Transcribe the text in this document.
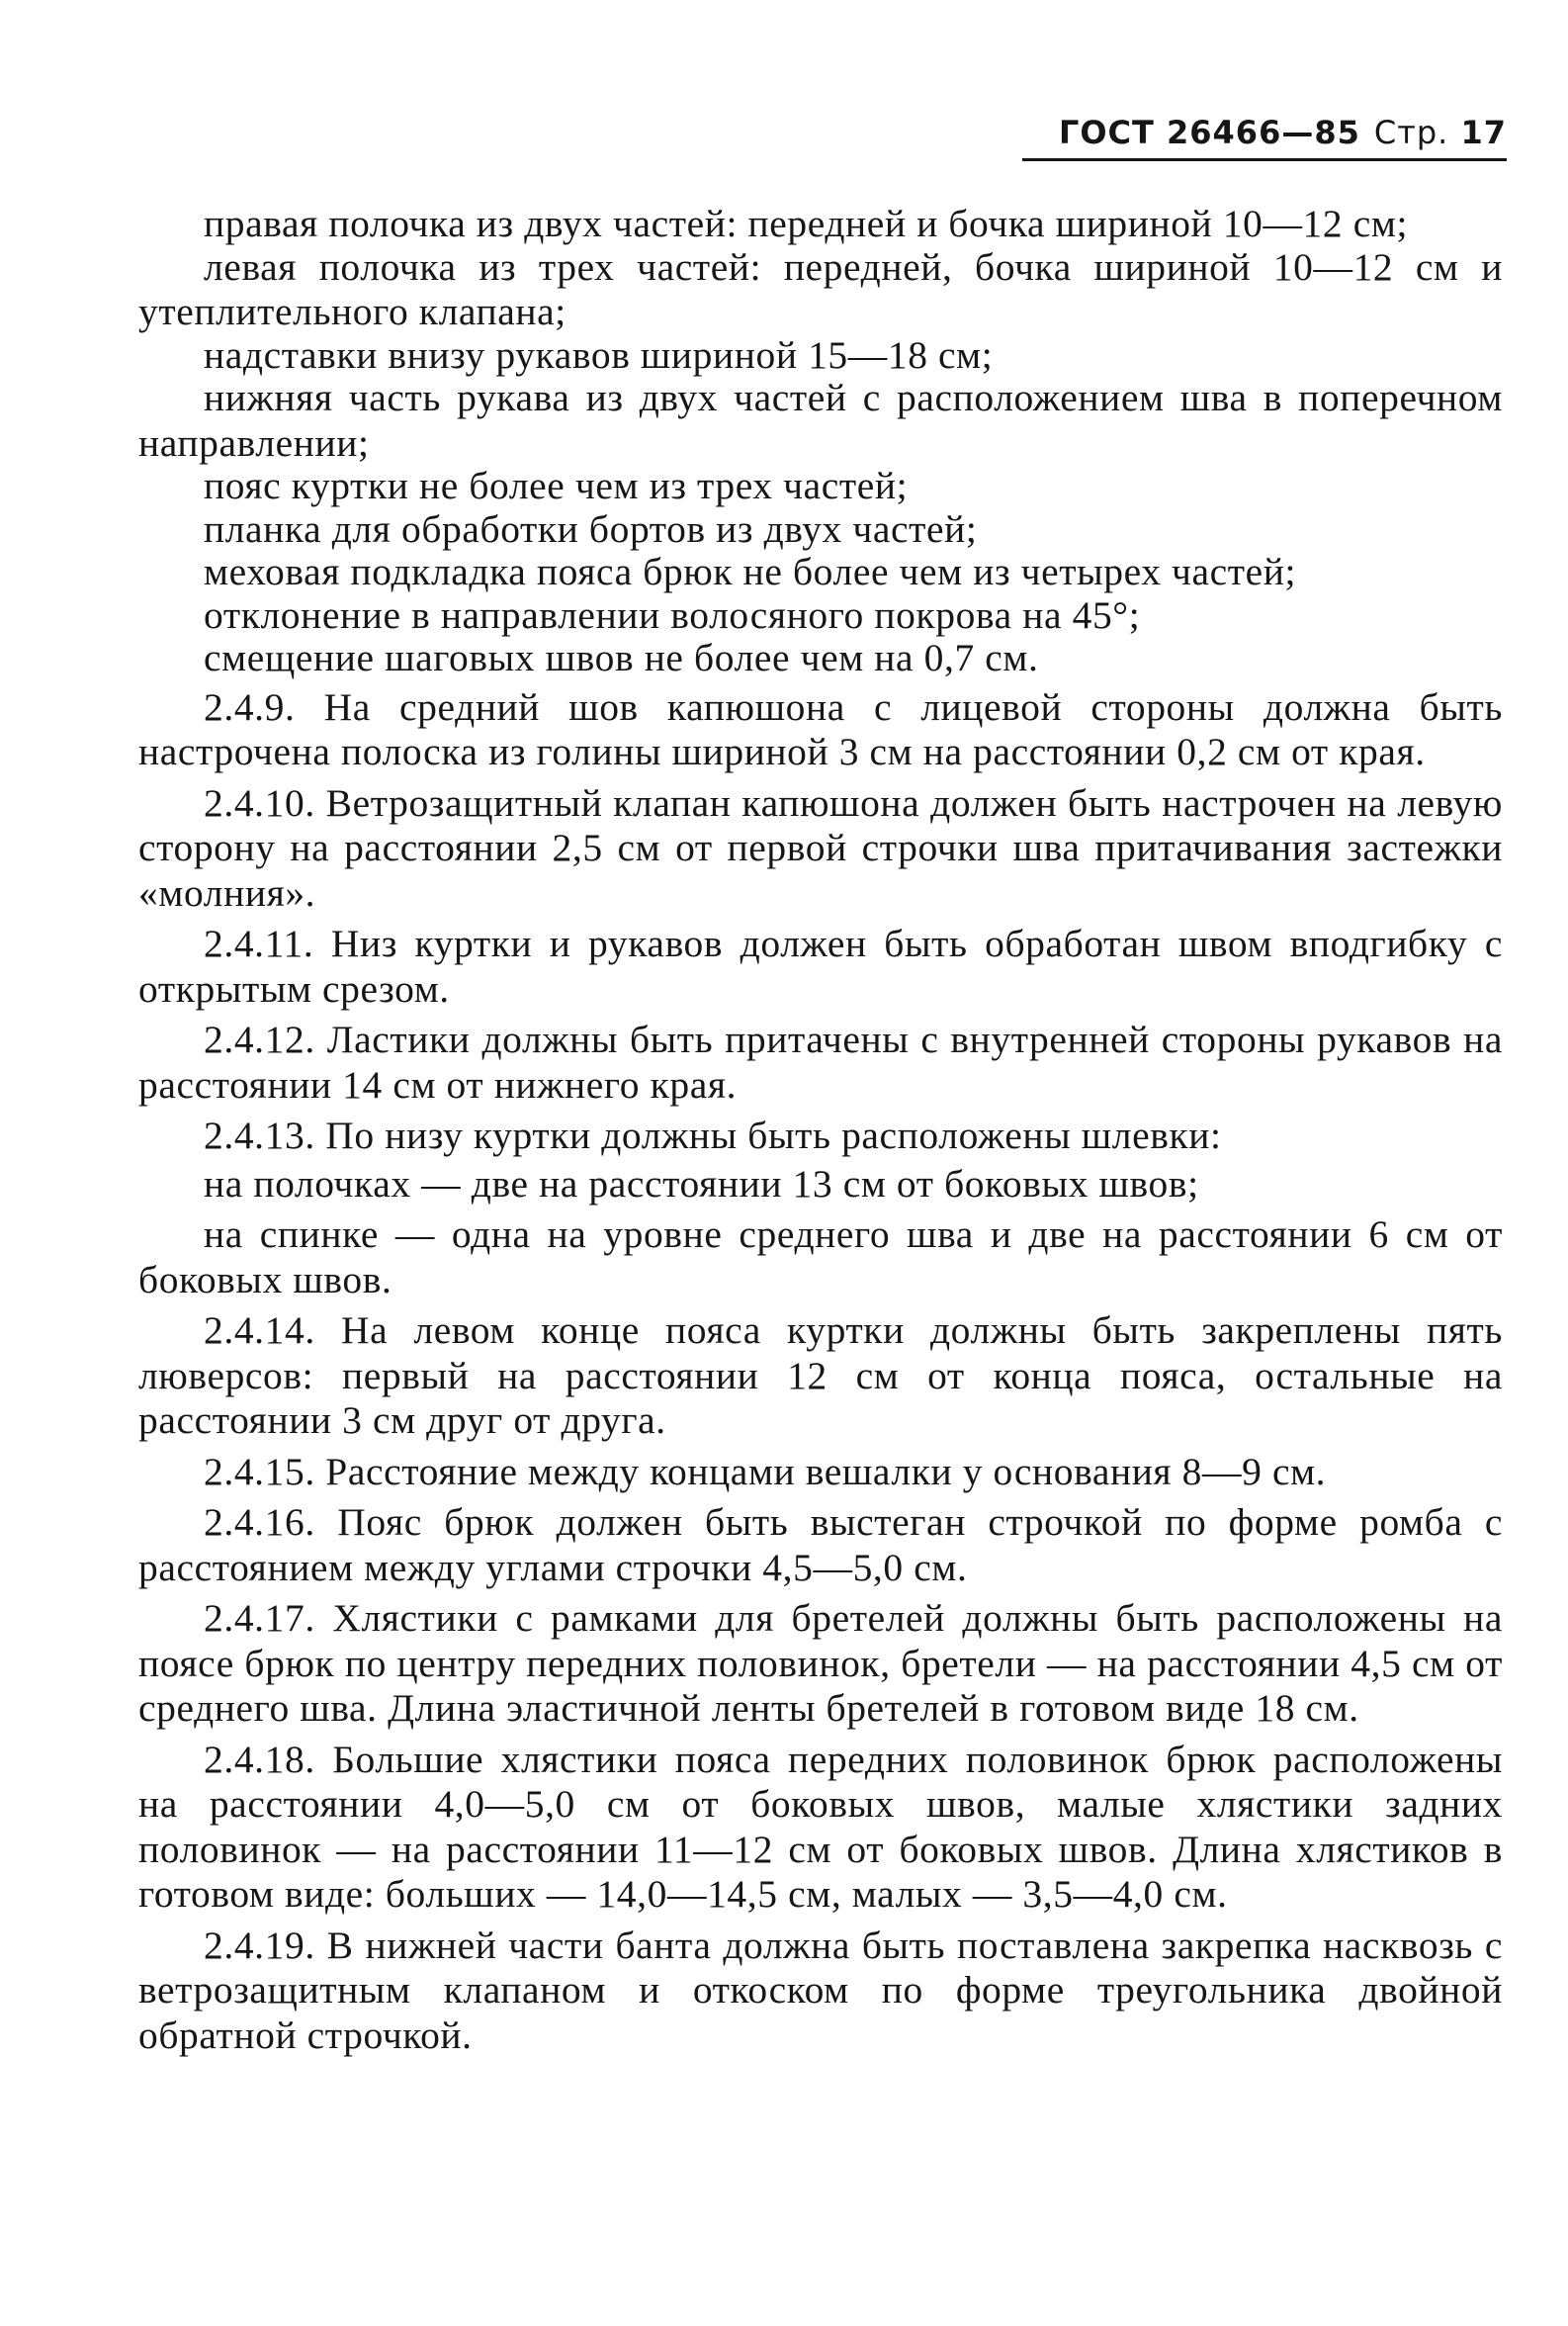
ГОСТ 26466—85 Стр. 17

правая полочка из двух частей: передней и бочка шириной 10—12 см;

левая полочка из трех частей: передней, бочка шириной 10—12 см и утеплительного клапана;

надставки внизу рукавов шириной 15—18 см;

нижняя часть рукава из двух частей с расположением шва в поперечном направлении;

пояс куртки не более чем из трех частей;

планка для обработки бортов из двух частей;

меховая подкладка пояса брюк не более чем из четырех частей;

отклонение в направлении волосяного покрова на 45°;

смещение шаговых швов не более чем на 0,7 см.

2.4.9. На средний шов капюшона с лицевой стороны должна быть настрочена полоска из голины шириной 3 см на расстоянии 0,2 см от края.

2.4.10. Ветрозащитный клапан капюшона должен быть настрочен на левую сторону на расстоянии 2,5 см от первой строчки шва притачивания застежки «молния».

2.4.11. Низ куртки и рукавов должен быть обработан швом вподгибку с открытым срезом.

2.4.12. Ластики должны быть притачены с внутренней стороны рукавов на расстоянии 14 см от нижнего края.

2.4.13. По низу куртки должны быть расположены шлевки:

на полочках — две на расстоянии 13 см от боковых швов;

на спинке — одна на уровне среднего шва и две на расстоянии 6 см от боковых швов.

2.4.14. На левом конце пояса куртки должны быть закреплены пять люверсов: первый на расстоянии 12 см от конца пояса, остальные на расстоянии 3 см друг от друга.

2.4.15. Расстояние между концами вешалки у основания 8—9 см.

2.4.16. Пояс брюк должен быть выстеган строчкой по форме ромба с расстоянием между углами строчки 4,5—5,0 см.

2.4.17. Хлястики с рамками для бретелей должны быть расположены на поясе брюк по центру передних половинок, бретели — на расстоянии 4,5 см от среднего шва. Длина эластичной ленты бретелей в готовом виде 18 см.

2.4.18. Большие хлястики пояса передних половинок брюк расположены на расстоянии 4,0—5,0 см от боковых швов, малые хлястики задних половинок — на расстоянии 11—12 см от боковых швов. Длина хлястиков в готовом виде: больших — 14,0—14,5 см, малых — 3,5—4,0 см.

2.4.19. В нижней части банта должна быть поставлена закрепка насквозь с ветрозащитным клапаном и откоском по форме треугольника двойной обратной строчкой.
